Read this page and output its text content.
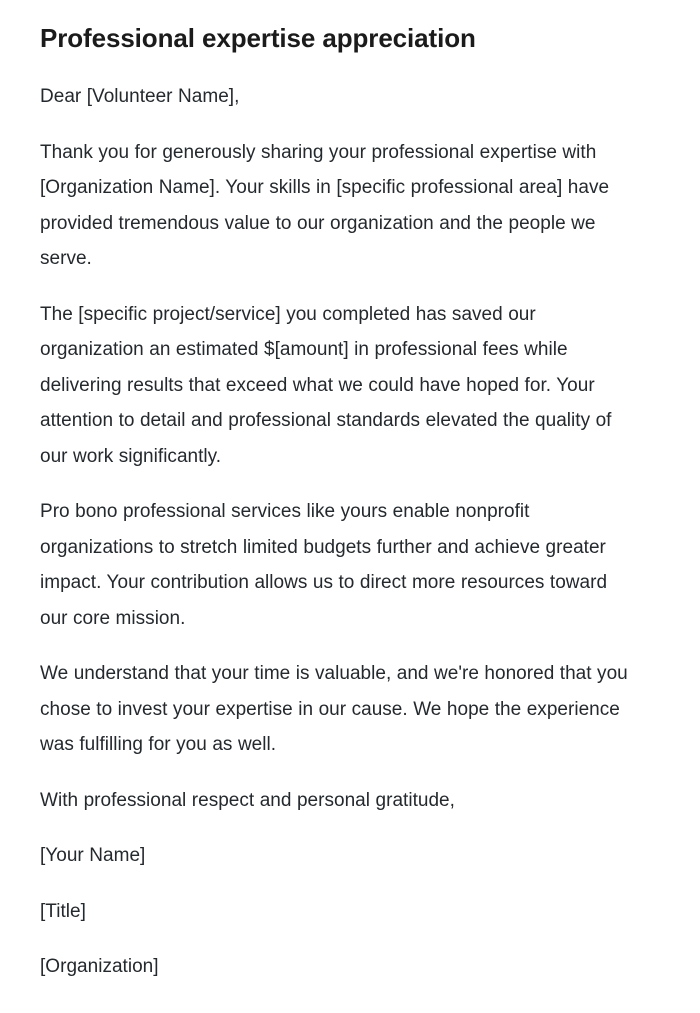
Professional expertise appreciation

Dear [Volunteer Name],

Thank you for generously sharing your professional expertise with [Organization Name]. Your skills in [specific professional area] have provided tremendous value to our organization and the people we serve.

The [specific project/service] you completed has saved our organization an estimated $[amount] in professional fees while delivering results that exceed what we could have hoped for. Your attention to detail and professional standards elevated the quality of our work significantly.

Pro bono professional services like yours enable nonprofit organizations to stretch limited budgets further and achieve greater impact. Your contribution allows us to direct more resources toward our core mission.

We understand that your time is valuable, and we're honored that you chose to invest your expertise in our cause. We hope the experience was fulfilling for you as well.

With professional respect and personal gratitude,

[Your Name]

[Title]

[Organization]
